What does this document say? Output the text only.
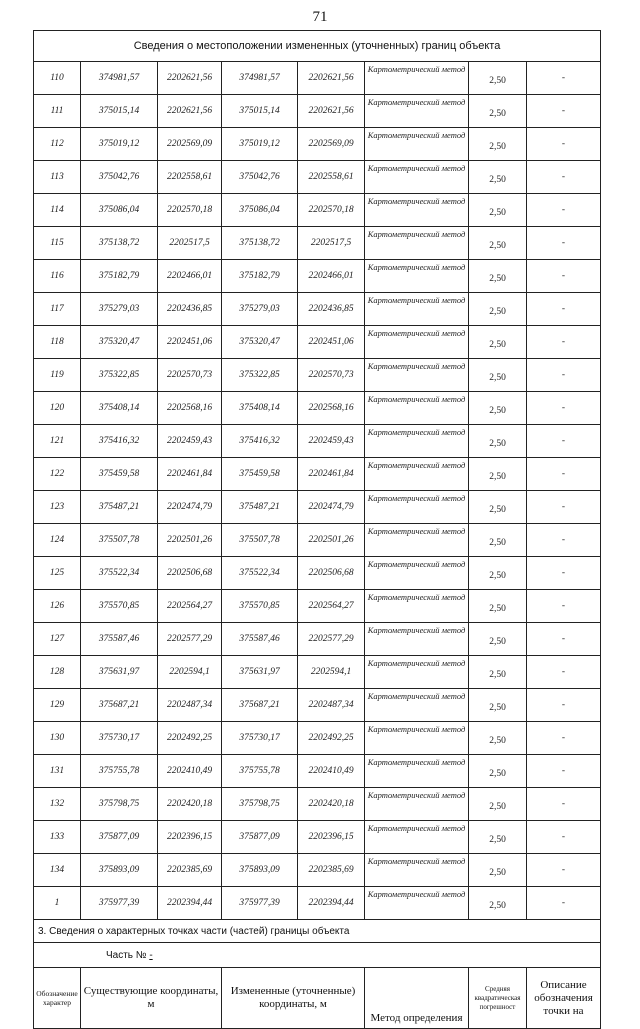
71
Сведения о местоположении измененных (уточненных) границ объекта							
110	374981,57	2202621,56	374981,57	2202621,56	Картометрический метод	2,50	-
111	375015,14	2202621,56	375015,14	2202621,56	Картометрический метод	2,50	-
112	375019,12	2202569,09	375019,12	2202569,09	Картометрический метод	2,50	-
113	375042,76	2202558,61	375042,76	2202558,61	Картометрический метод	2,50	-
114	375086,04	2202570,18	375086,04	2202570,18	Картометрический метод	2,50	-
115	375138,72	2202517,5	375138,72	2202517,5	Картометрический метод	2,50	-
116	375182,79	2202466,01	375182,79	2202466,01	Картометрический метод	2,50	-
117	375279,03	2202436,85	375279,03	2202436,85	Картометрический метод	2,50	-
118	375320,47	2202451,06	375320,47	2202451,06	Картометрический метод	2,50	-
119	375322,85	2202570,73	375322,85	2202570,73	Картометрический метод	2,50	-
120	375408,14	2202568,16	375408,14	2202568,16	Картометрический метод	2,50	-
121	375416,32	2202459,43	375416,32	2202459,43	Картометрический метод	2,50	-
122	375459,58	2202461,84	375459,58	2202461,84	Картометрический метод	2,50	-
123	375487,21	2202474,79	375487,21	2202474,79	Картометрический метод	2,50	-
124	375507,78	2202501,26	375507,78	2202501,26	Картометрический метод	2,50	-
125	375522,34	2202506,68	375522,34	2202506,68	Картометрический метод	2,50	-
126	375570,85	2202564,27	375570,85	2202564,27	Картометрический метод	2,50	-
127	375587,46	2202577,29	375587,46	2202577,29	Картометрический метод	2,50	-
128	375631,97	2202594,1	375631,97	2202594,1	Картометрический метод	2,50	-
129	375687,21	2202487,34	375687,21	2202487,34	Картометрический метод	2,50	-
130	375730,17	2202492,25	375730,17	2202492,25	Картометрический метод	2,50	-
131	375755,78	2202410,49	375755,78	2202410,49	Картометрический метод	2,50	-
132	375798,75	2202420,18	375798,75	2202420,18	Картометрический метод	2,50	-
133	375877,09	2202396,15	375877,09	2202396,15	Картометрический метод	2,50	-
134	375893,09	2202385,69	375893,09	2202385,69	Картометрический метод	2,50	-
1	375977,39	2202394,44	375977,39	2202394,44	Картометрический метод	2,50	-
3. Сведения о характерных точках части (частей) границы объекта							
Часть № -							
Обозначение характер	Существующие координаты, м		Измененные (уточненные) координаты, м		Метод определения	Средняя квадратическая погрешност	Описание обозначения точки на
